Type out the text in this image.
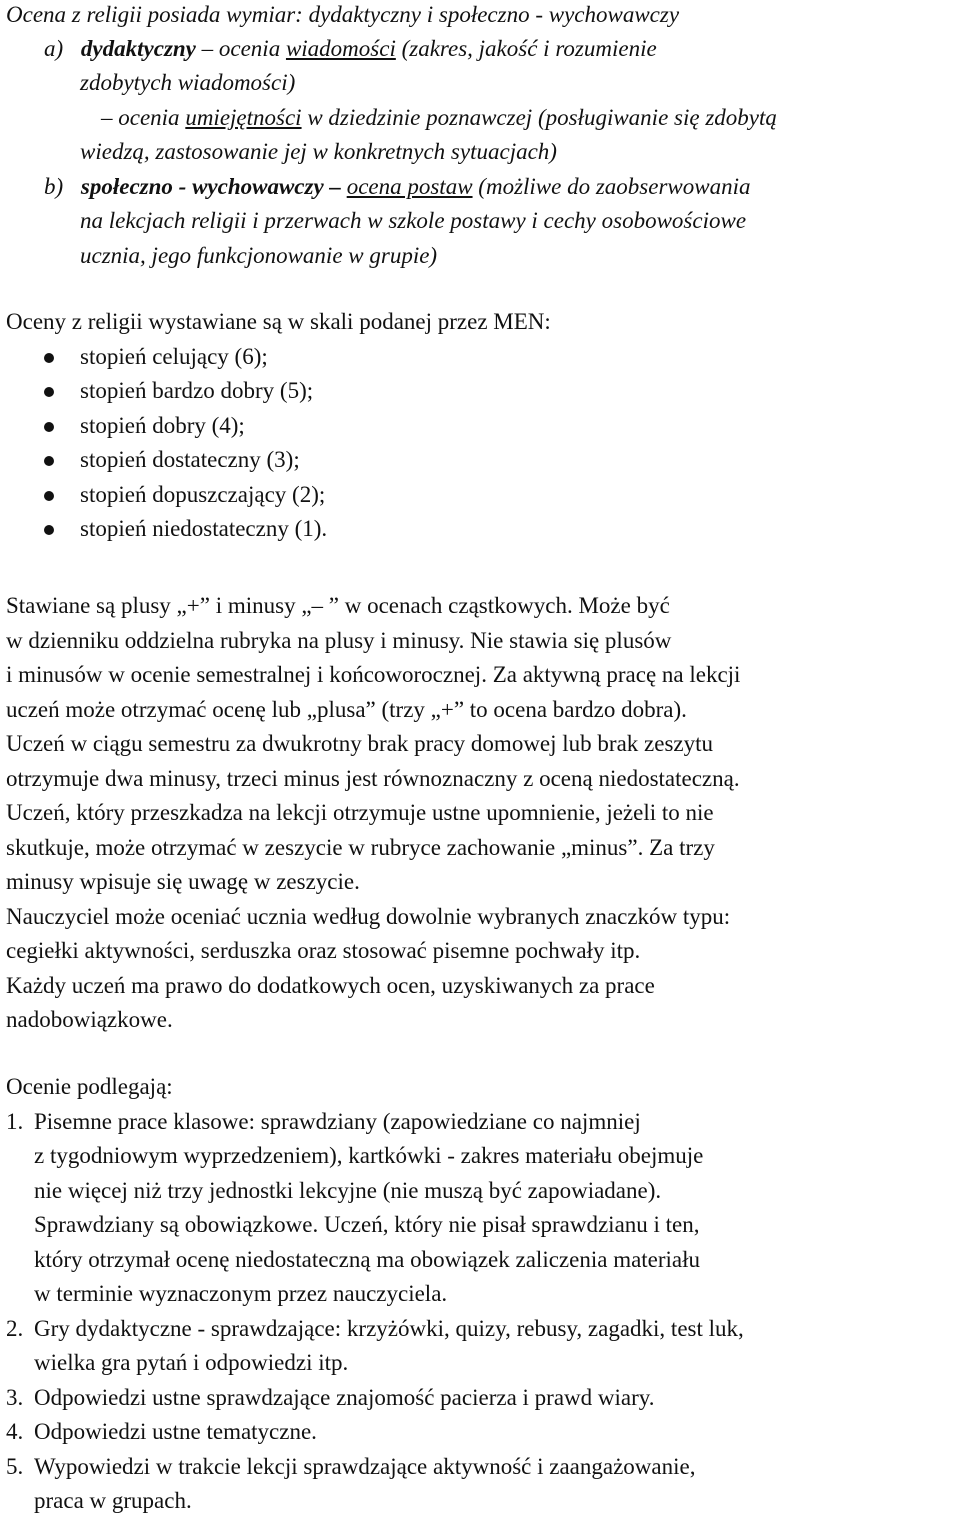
Ocena z religii posiada wymiar: dydaktyczny i społeczno - wychowawczy
a) dydaktyczny – ocenia wiadomości (zakres, jakość i rozumienie
zdobytych wiadomości)
– ocenia umiejętności w dziedzinie poznawczej (posługiwanie się zdobytą
wiedzą, zastosowanie jej w konkretnych sytuacjach)
b) społeczno - wychowawczy – ocena postaw (możliwe do zaobserwowania
na lekcjach religii i przerwach w szkole postawy i cechy osobowościowe
ucznia, jego funkcjonowanie w grupie)
Oceny z religii wystawiane są w skali podanej przez MEN:
stopień celujący (6);
stopień bardzo dobry (5);
stopień dobry (4);
stopień dostateczny (3);
stopień dopuszczający (2);
stopień niedostateczny (1).
Stawiane są plusy „+” i minusy „– ” w ocenach cząstkowych. Może być
w dzienniku oddzielna rubryka na plusy i minusy. Nie stawia się plusów
i minusów w ocenie semestralnej i końcoworocznej. Za aktywną pracę na lekcji
uczeń może otrzymać ocenę lub „plusa” (trzy „+” to ocena bardzo dobra).
Uczeń w ciągu semestru za dwukrotny brak pracy domowej lub brak zeszytu
otrzymuje dwa minusy, trzeci minus jest równoznaczny z oceną niedostateczną.
Uczeń, który przeszkadza na lekcji otrzymuje ustne upomnienie, jeżeli to nie
skutkuje, może otrzymać w zeszycie w rubryce zachowanie „minus”. Za trzy
minusy wpisuje się uwagę w zeszycie.
Nauczyciel może oceniać ucznia według dowolnie wybranych znaczków typu:
cegiełki aktywności, serduszka oraz stosować pisemne pochwały itp.
Każdy uczeń ma prawo do dodatkowych ocen, uzyskiwanych za prace
nadobowiązkowe.
Ocenie podlegają:
1. Pisemne prace klasowe: sprawdziany (zapowiedziane co najmniej
z tygodniowym wyprzedzeniem), kartkówki - zakres materiału obejmuje
nie więcej niż trzy jednostki lekcyjne (nie muszą być zapowiadane).
Sprawdziany są obowiązkowe. Uczeń, który nie pisał sprawdzianu i ten,
który otrzymał ocenę niedostateczną ma obowiązek zaliczenia materiału
w terminie wyznaczonym przez nauczyciela.
2. Gry dydaktyczne - sprawdzające: krzyżówki, quizy, rebusy, zagadki, test luk,
wielka gra pytań i odpowiedzi itp.
3. Odpowiedzi ustne sprawdzające znajomość pacierza i prawd wiary.
4. Odpowiedzi ustne tematyczne.
5. Wypowiedzi w trakcie lekcji sprawdzające aktywność i zaangażowanie,
praca w grupach.
